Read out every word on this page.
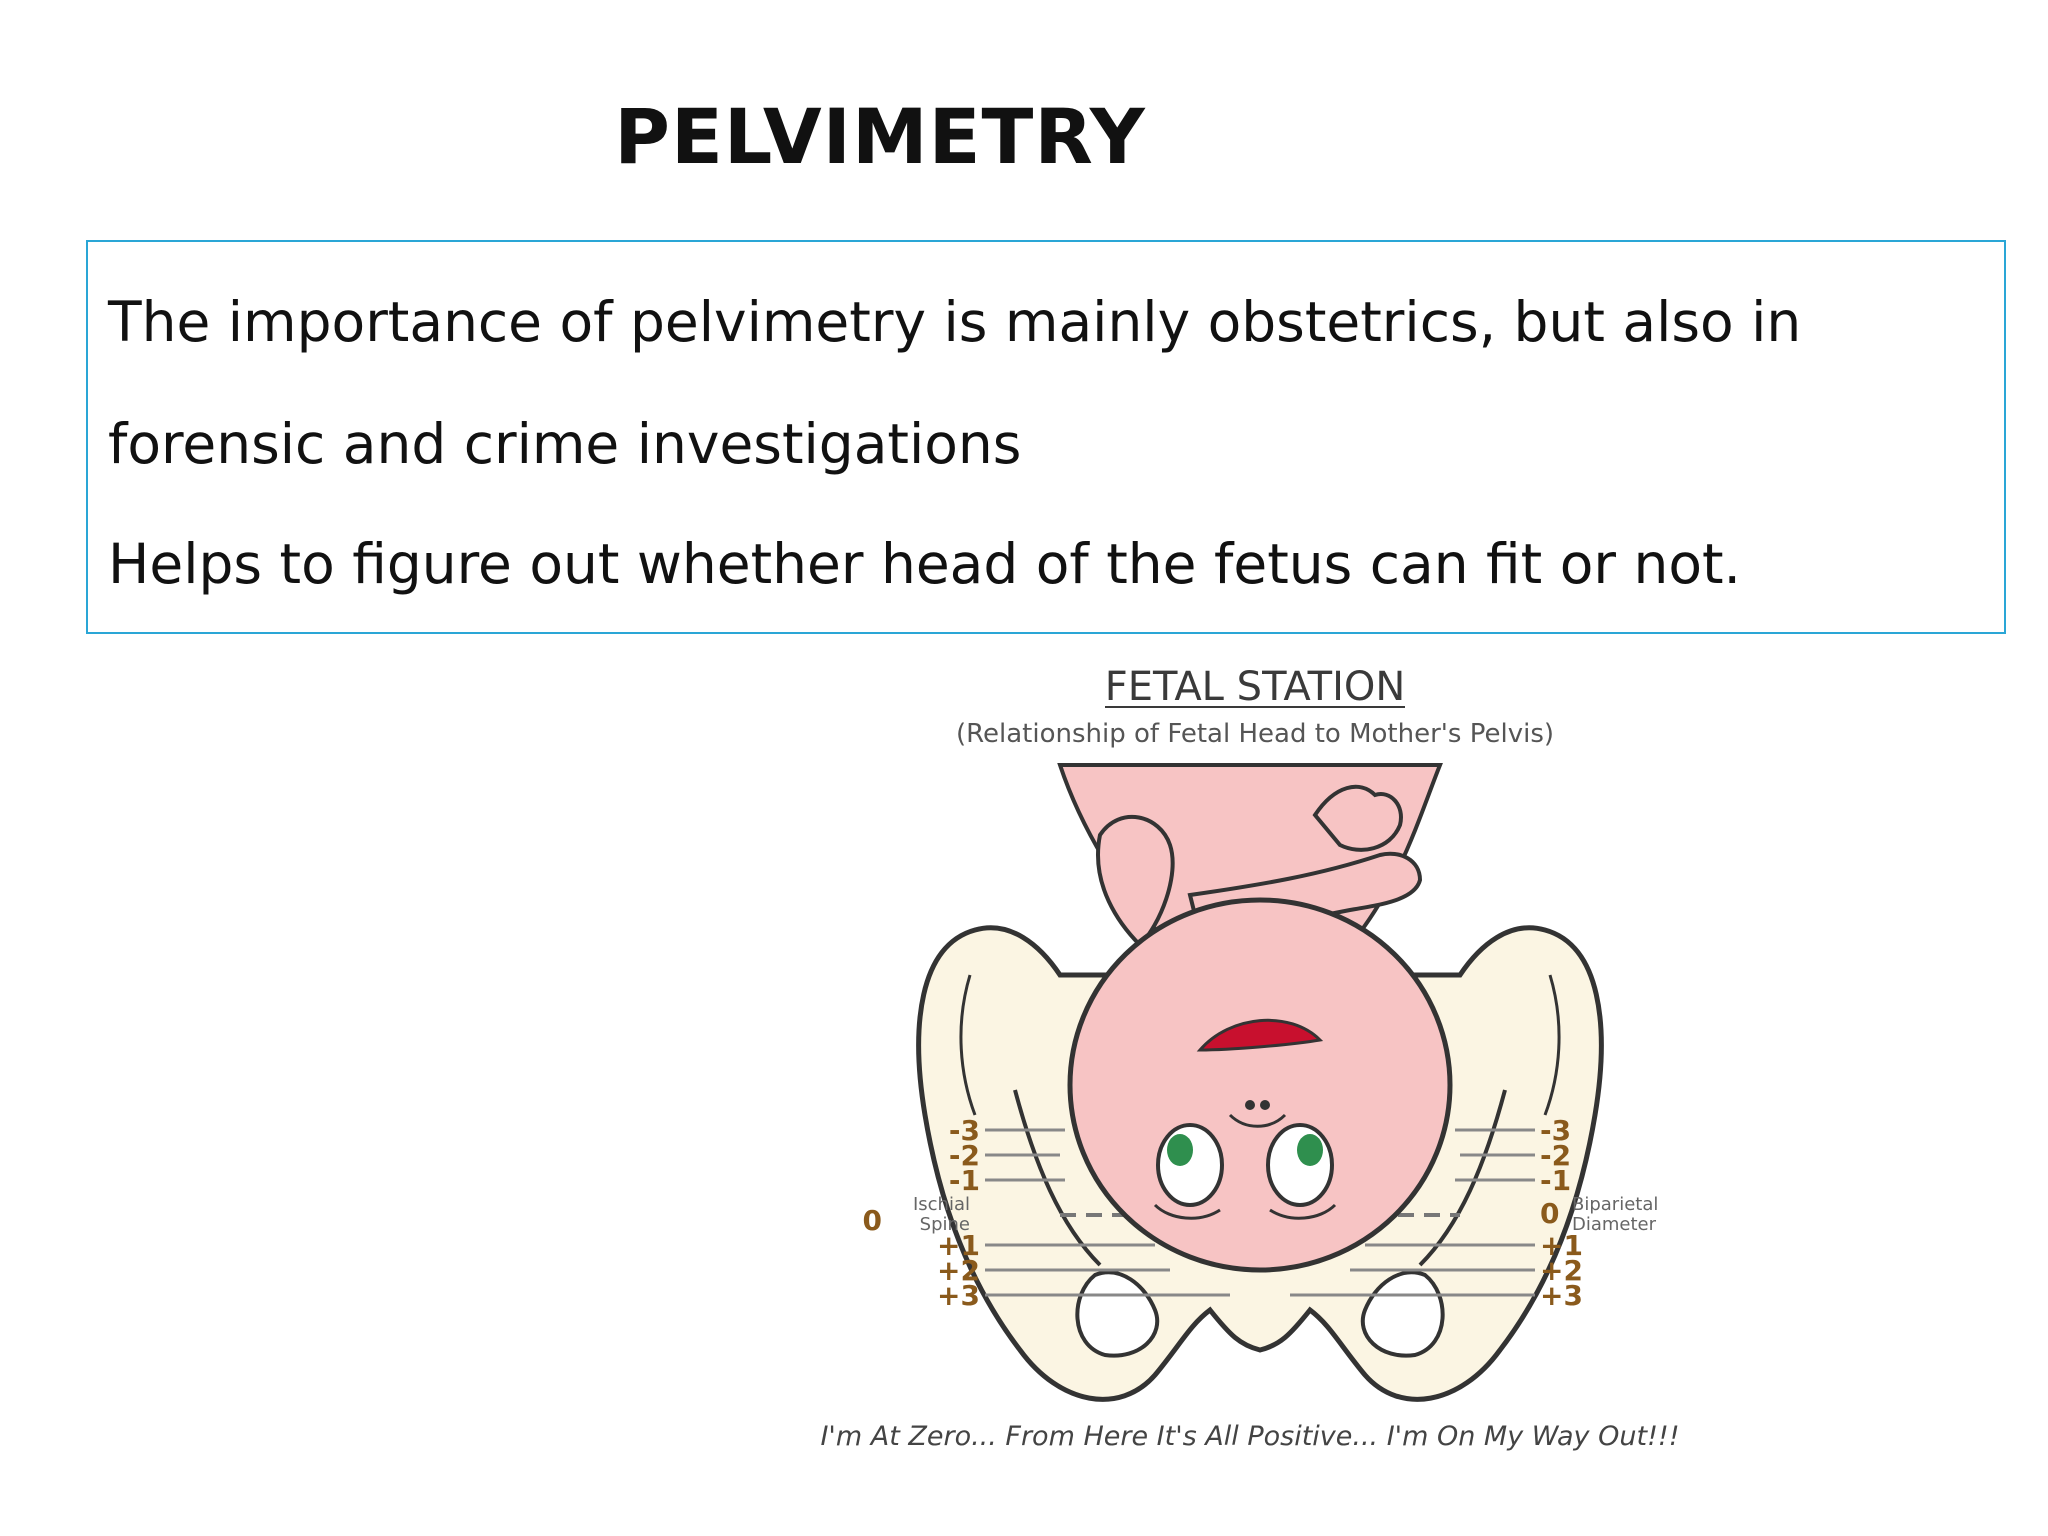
PELVIMETRY
The importance of pelvimetry is mainly obstetrics, but also in
forensic and crime investigations
Helps to figure out whether head of the fetus can fit or not.
FETAL STATION
(Relationship of Fetal Head to Mother's Pelvis)
-3
-2
-1
0 Ischial
Spine
+1
+2
+3
-3
-2
-1
0 Biparietal
Diameter
+1
+2
+3
I'm At Zero... From Here It's All Positive... I'm On My Way Out!!!
